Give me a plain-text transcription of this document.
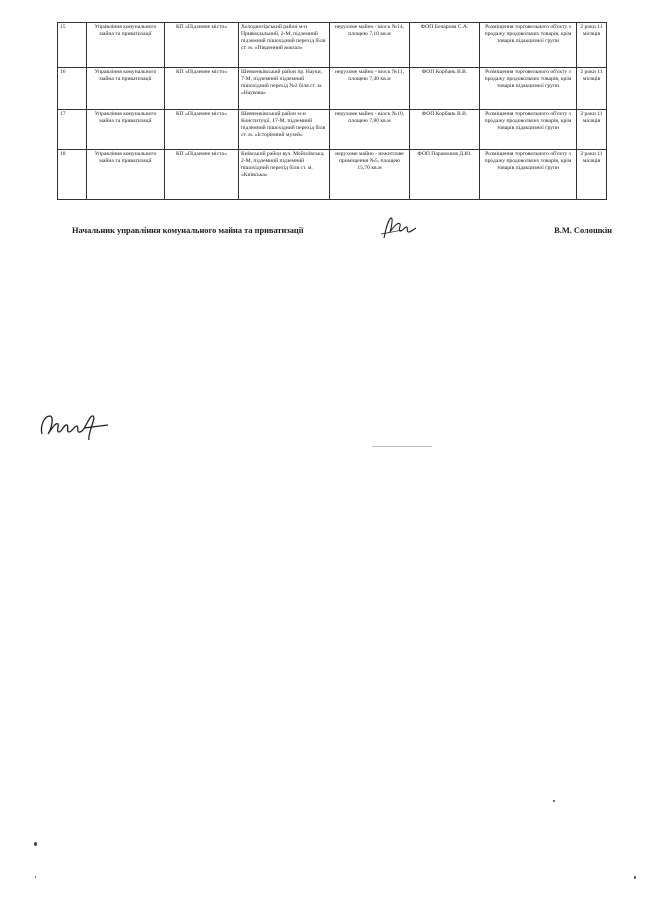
15	Управління комунального майна та приватизації	КП «Підземне місто»	Холодногірський район м-н Привокзальний, 2-М, підземний підземний пішохідний перехід біля ст. м. «Південний вокзал»	нерухоме майно - віоск №14, площею 7,10 кв.м	ФОП Бочарова С.А.	Розміщення торговельного об'єкту з продажу продовольчих товарів, крім товарів підакцизної групи	2 роки 11 місяців
16	Управління комунального майна та приватизації	КП «Підземне місто»	Шевченківський район пр. Науки, 7-М, підземний підземний пішохідний перехід №2 біля ст. м. «Наукова»	нерухоме майно - віоск №11, площею 7,40 кв.м	ФОП Корбань В.В.	Розміщення торговельного об'єкту з продажу продовольчих товарів, крім товарів підакцизної групи	2 роки 11 місяців
17	Управління комунального майна та приватизації	КП «Підземне місто»	Шевченківський район м-н Конституції, 17-М, підземний підземний пішохідний перехід біля ст. м. «Історичний музей»	нерухоме майно - віоск №10, площею 7,80 кв.м	ФОП Корбань В.В.	Розміщення торговельного об'єкту з продажу продовольчих товарів, крім товарів підакцизної групи	2 роки 11 місяців
18	Управління комунального майна та приватизації	КП «Підземне місто»	Київський район вул. Мойсеївська, 2-М, підземний підземний пішохідний перехід біля ст. м. «Київська»	нерухоме майно - нежитлове приміщення №5, площею 15,70 кв.м	ФОП Парамонов Д.Ю.	Розміщення торговельного об'єкту з продажу продовольчих товарів, крім товарів підакцизної групи	2 роки 11 місяців
Начальник управління комунального майна та приватизації	В.М. Солошкін
